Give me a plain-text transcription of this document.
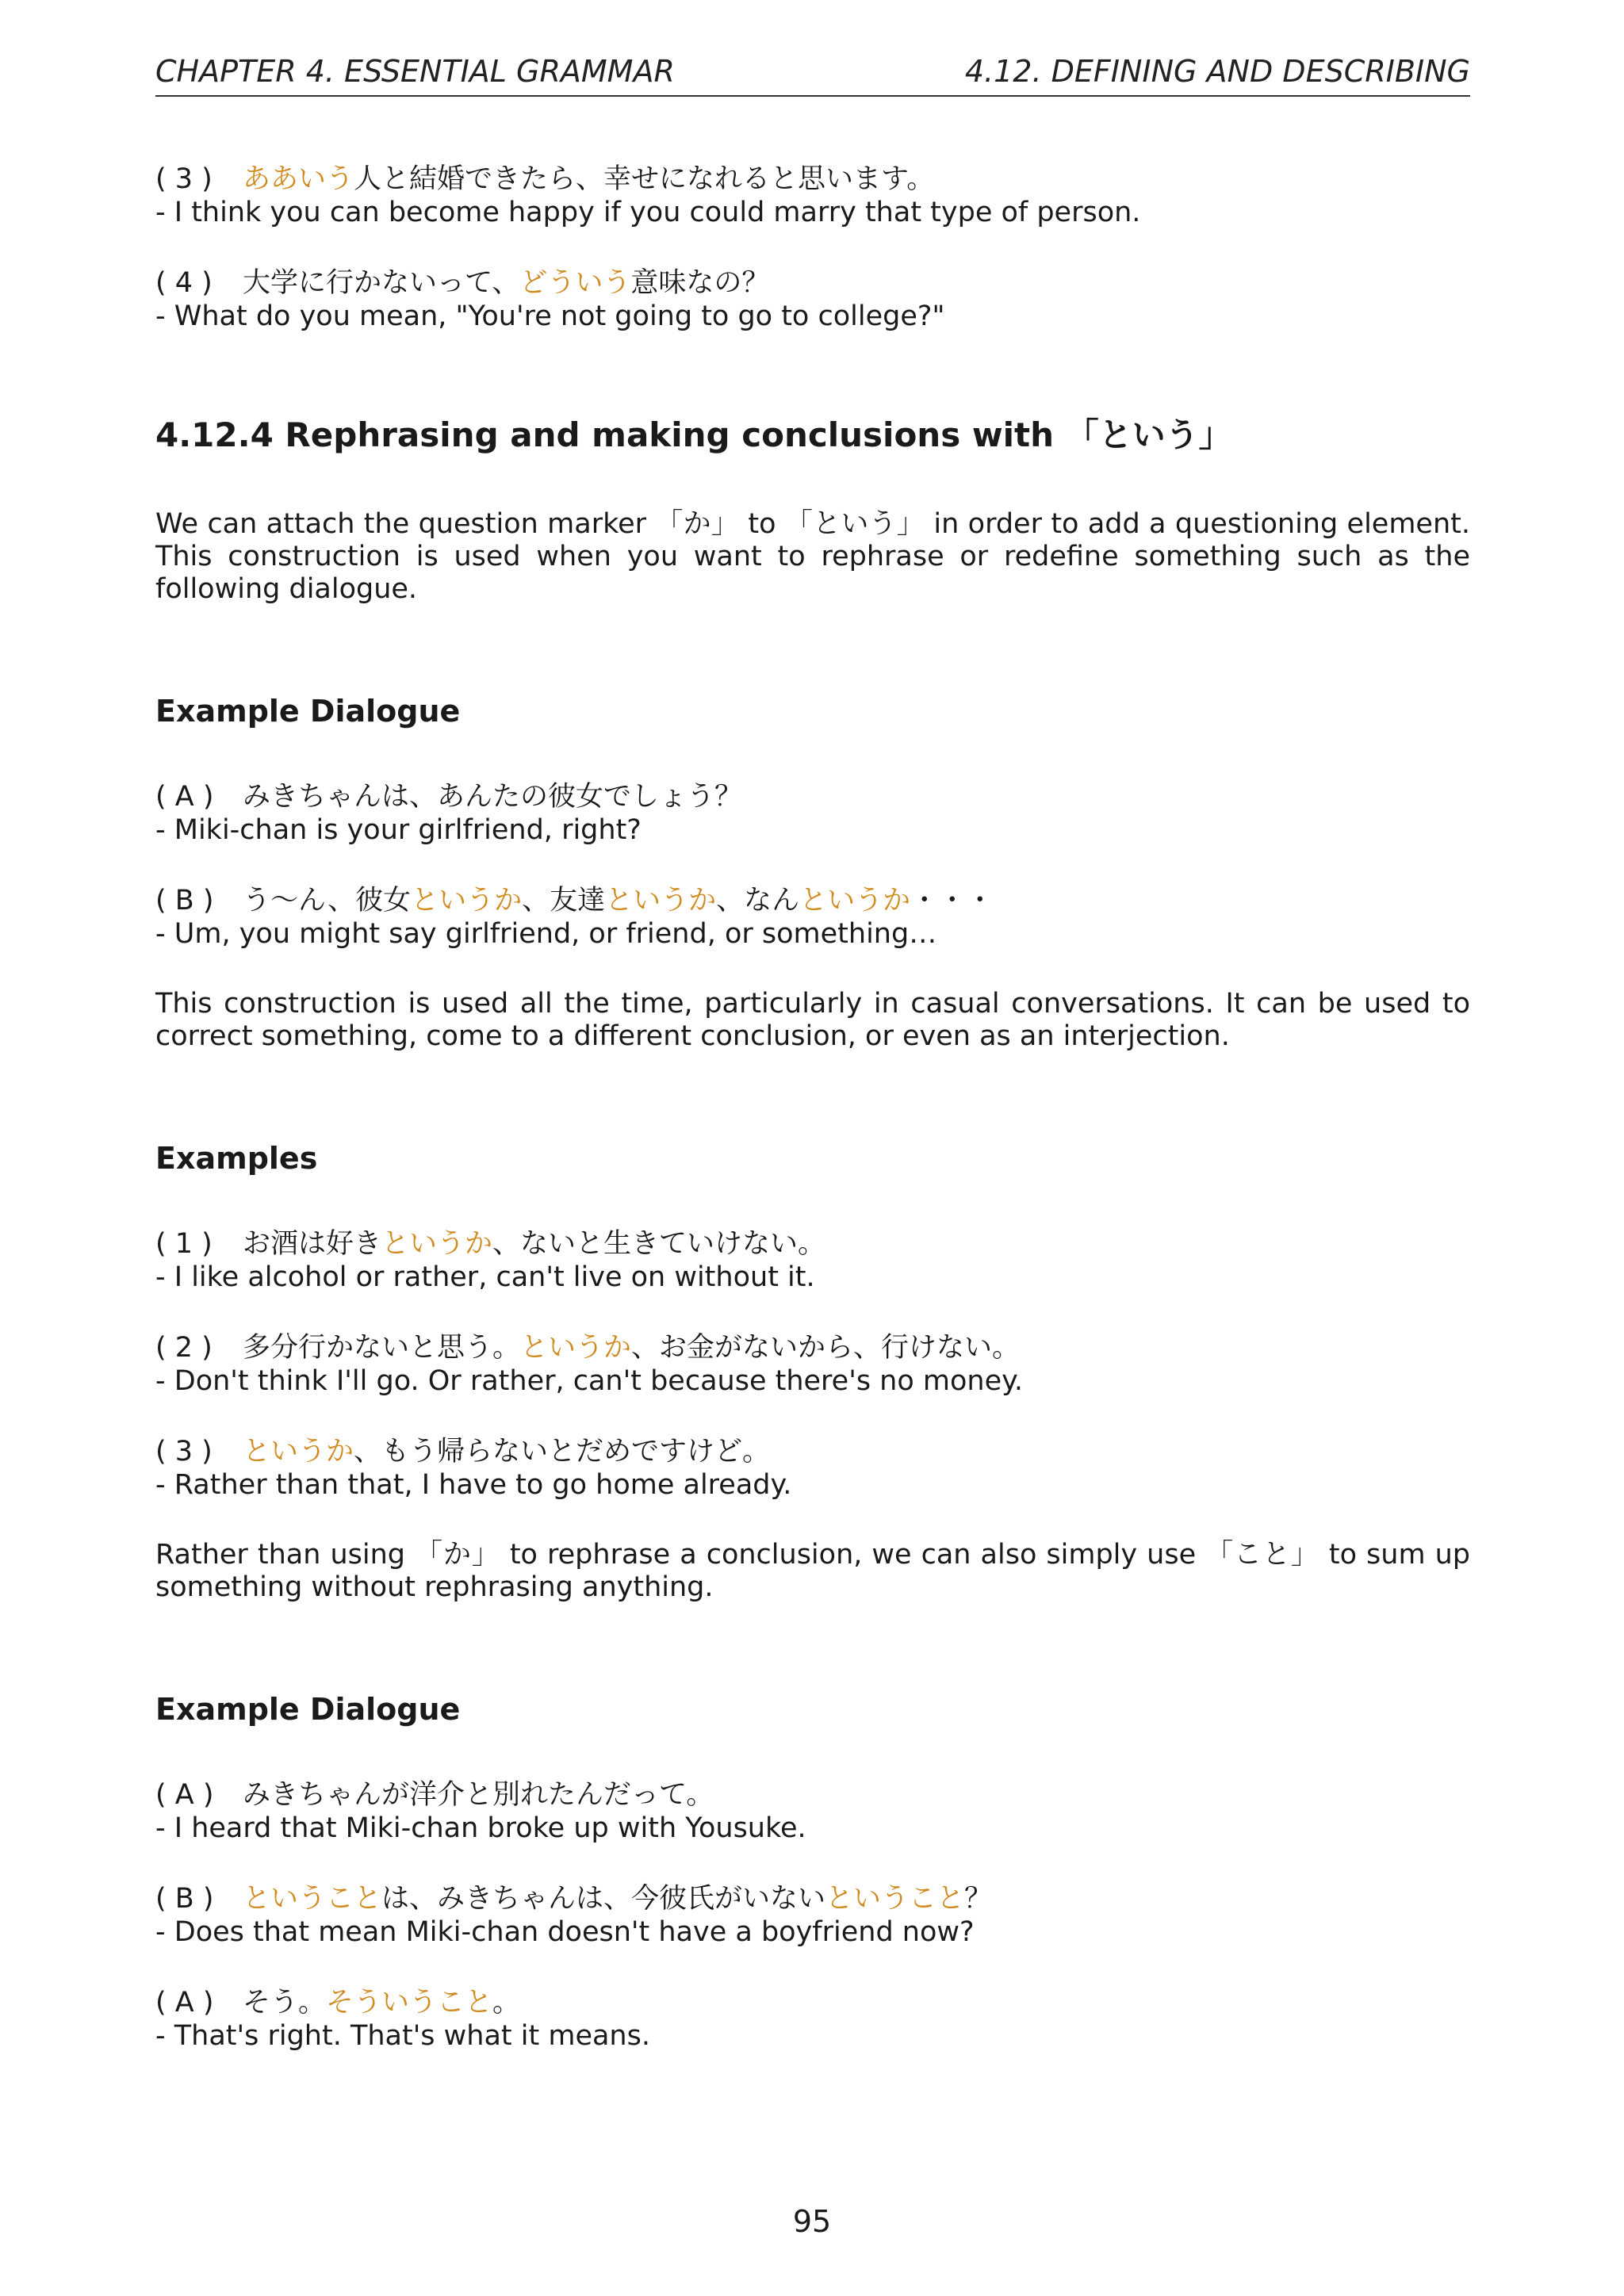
CHAPTER 4. ESSENTIAL GRAMMAR	4.12. DEFINING AND DESCRIBING
( 3 ) ああいう人と結婚できたら、幸せになれると思います。
- I think you can become happy if you could marry that type of person.
( 4 ) 大学に行かないって、どういう意味なの？
- What do you mean, "You're not going to go to college?"
4.12.4 Rephrasing and making conclusions with 「という」

We can attach the question marker 「か」 to 「という」 in order to add a questioning element. This construction is used when you want to rephrase or redefine something such as the following dialogue.

Example Dialogue
( A ) みきちゃんは、あんたの彼女でしょう？
- Miki-chan is your girlfriend, right?
( B ) う～ん、彼女というか、友達というか、なんというか・・・
- Um, you might say girlfriend, or friend, or something…

This construction is used all the time, particularly in casual conversations. It can be used to correct something, come to a different conclusion, or even as an interjection.

Examples
( 1 ) お酒は好きというか、ないと生きていけない。
- I like alcohol or rather, can't live on without it.
( 2 ) 多分行かないと思う。というか、お金がないから、行けない。
- Don't think I'll go. Or rather, can't because there's no money.
( 3 ) というか、もう帰らないとだめですけど。
- Rather than that, I have to go home already.

Rather than using 「か」 to rephrase a conclusion, we can also simply use 「こと」 to sum up something without rephrasing anything.

Example Dialogue
( A ) みきちゃんが洋介と別れたんだって。
- I heard that Miki-chan broke up with Yousuke.
( B ) ということは、みきちゃんは、今彼氏がいないということ？
- Does that mean Miki-chan doesn't have a boyfriend now?
( A ) そう。そういうこと。
- That's right. That's what it means.
95
